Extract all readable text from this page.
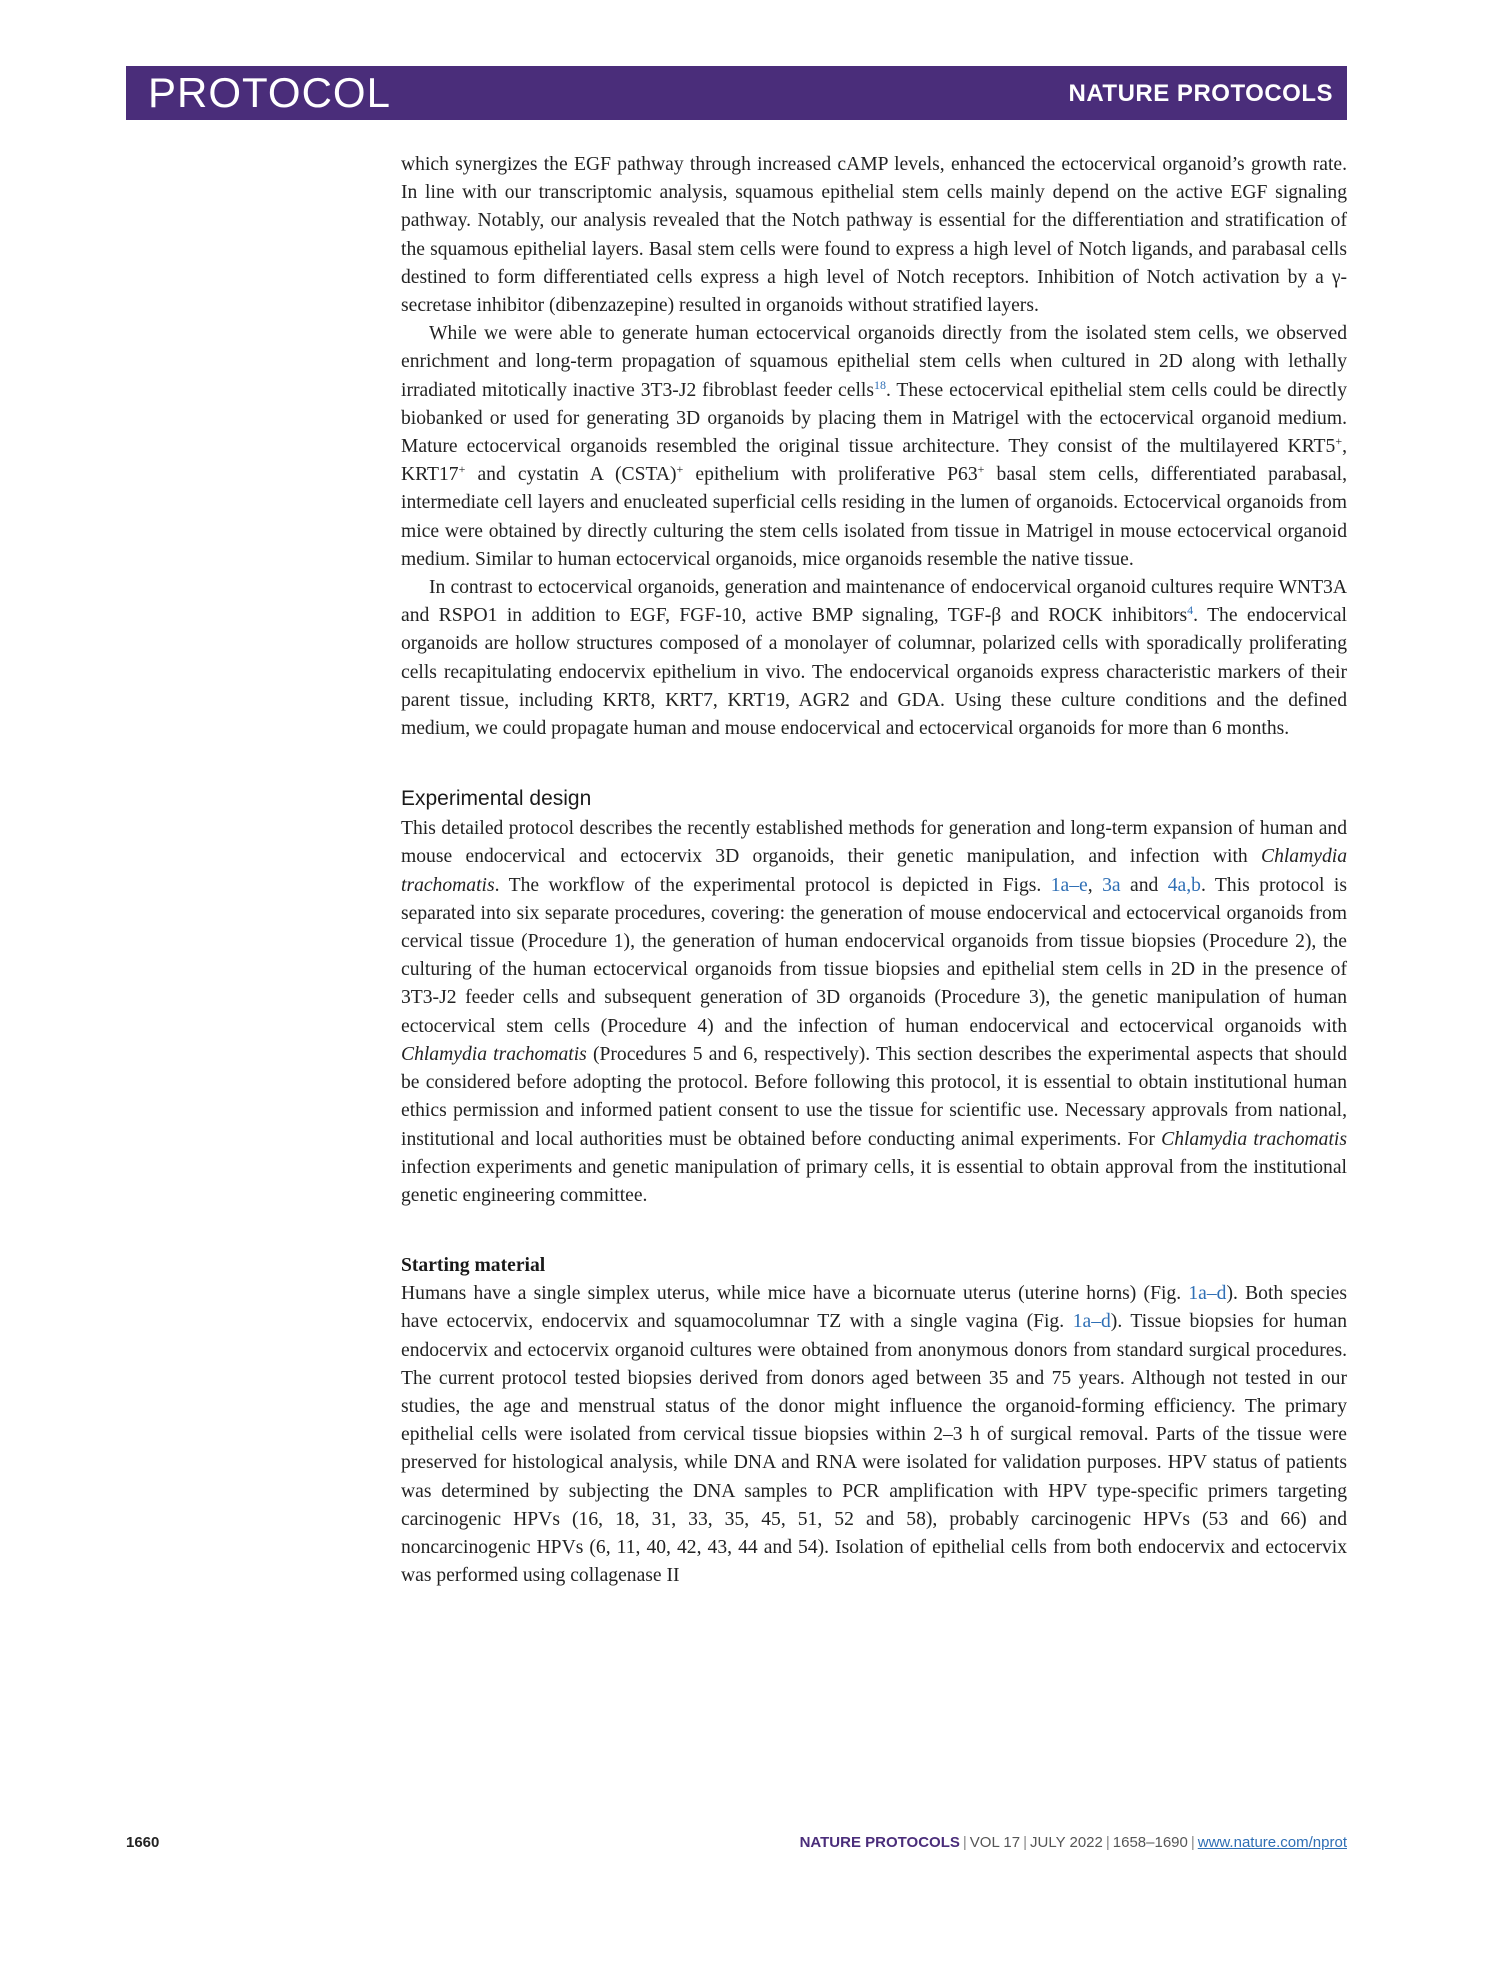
PROTOCOL	NATURE PROTOCOLS

which synergizes the EGF pathway through increased cAMP levels, enhanced the ectocervical organoid’s growth rate. In line with our transcriptomic analysis, squamous epithelial stem cells mainly depend on the active EGF signaling pathway. Notably, our analysis revealed that the Notch pathway is essential for the differentiation and stratification of the squamous epithelial layers. Basal stem cells were found to express a high level of Notch ligands, and parabasal cells destined to form differentiated cells express a high level of Notch receptors. Inhibition of Notch activation by a γ-secretase inhibitor (dibenzazepine) resulted in organoids without stratified layers.

While we were able to generate human ectocervical organoids directly from the isolated stem cells, we observed enrichment and long-term propagation of squamous epithelial stem cells when cultured in 2D along with lethally irradiated mitotically inactive 3T3-J2 fibroblast feeder cells$^{18}$. These ectocervical epithelial stem cells could be directly biobanked or used for generating 3D organoids by placing them in Matrigel with the ectocervical organoid medium. Mature ectocervical organoids resembled the original tissue architecture. They consist of the multilayered KRT5+, KRT17+ and cystatin A (CSTA)+ epithelium with proliferative P63+ basal stem cells, differentiated parabasal, intermediate cell layers and enucleated superficial cells residing in the lumen of organoids. Ectocervical organoids from mice were obtained by directly culturing the stem cells isolated from tissue in Matrigel in mouse ectocervical organoid medium. Similar to human ectocervical organoids, mice organoids resemble the native tissue.

In contrast to ectocervical organoids, generation and maintenance of endocervical organoid cultures require WNT3A and RSPO1 in addition to EGF, FGF-10, active BMP signaling, TGF-β and ROCK inhibitors$^4$. The endocervical organoids are hollow structures composed of a monolayer of columnar, polarized cells with sporadically proliferating cells recapitulating endocervix epithelium in vivo. The endocervical organoids express characteristic markers of their parent tissue, including KRT8, KRT7, KRT19, AGR2 and GDA. Using these culture conditions and the defined medium, we could propagate human and mouse endocervical and ectocervical organoids for more than 6 months.

Experimental design

This detailed protocol describes the recently established methods for generation and long-term expansion of human and mouse endocervical and ectocervix 3D organoids, their genetic manipulation, and infection with Chlamydia trachomatis. The workflow of the experimental protocol is depicted in Figs. 1a–e, 3a and 4a,b. This protocol is separated into six separate procedures, covering: the generation of mouse endocervical and ectocervical organoids from cervical tissue (Procedure 1), the generation of human endocervical organoids from tissue biopsies (Procedure 2), the culturing of the human ectocervical organoids from tissue biopsies and epithelial stem cells in 2D in the presence of 3T3-J2 feeder cells and subsequent generation of 3D organoids (Procedure 3), the genetic manipulation of human ectocervical stem cells (Procedure 4) and the infection of human endocervical and ectocervical organoids with Chlamydia trachomatis (Procedures 5 and 6, respectively). This section describes the experimental aspects that should be considered before adopting the protocol. Before following this protocol, it is essential to obtain institutional human ethics permission and informed patient consent to use the tissue for scientific use. Necessary approvals from national, institutional and local authorities must be obtained before conducting animal experiments. For Chlamydia trachomatis infection experiments and genetic manipulation of primary cells, it is essential to obtain approval from the institutional genetic engineering committee.

Starting material

Humans have a single simplex uterus, while mice have a bicornuate uterus (uterine horns) (Fig. 1a–d). Both species have ectocervix, endocervix and squamocolumnar TZ with a single vagina (Fig. 1a–d). Tissue biopsies for human endocervix and ectocervix organoid cultures were obtained from anonymous donors from standard surgical procedures. The current protocol tested biopsies derived from donors aged between 35 and 75 years. Although not tested in our studies, the age and menstrual status of the donor might influence the organoid-forming efficiency. The primary epithelial cells were isolated from cervical tissue biopsies within 2–3 h of surgical removal. Parts of the tissue were preserved for histological analysis, while DNA and RNA were isolated for validation purposes. HPV status of patients was determined by subjecting the DNA samples to PCR amplification with HPV type-specific primers targeting carcinogenic HPVs (16, 18, 31, 33, 35, 45, 51, 52 and 58), probably carcinogenic HPVs (53 and 66) and noncarcinogenic HPVs (6, 11, 40, 42, 43, 44 and 54). Isolation of epithelial cells from both endocervix and ectocervix was performed using collagenase II

1660	NATURE PROTOCOLS | VOL 17 | JULY 2022 | 1658–1690 | www.nature.com/nprot
